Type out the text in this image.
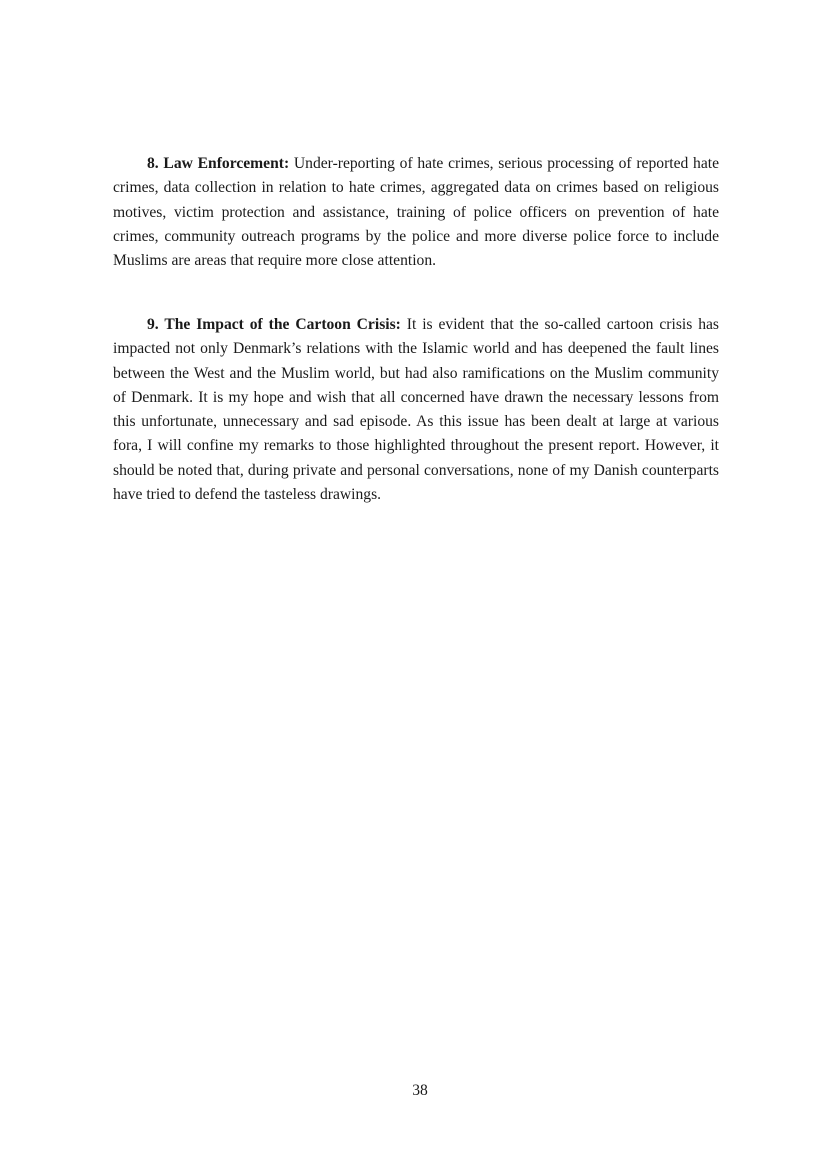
8. Law Enforcement: Under-reporting of hate crimes, serious processing of reported hate crimes, data collection in relation to hate crimes, aggregated data on crimes based on religious motives, victim protection and assistance, training of police officers on prevention of hate crimes, community outreach programs by the police and more diverse police force to include Muslims are areas that require more close attention.

9. The Impact of the Cartoon Crisis: It is evident that the so-called cartoon crisis has impacted not only Denmark’s relations with the Islamic world and has deepened the fault lines between the West and the Muslim world, but had also ramifications on the Muslim community of Denmark. It is my hope and wish that all concerned have drawn the necessary lessons from this unfortunate, unnecessary and sad episode. As this issue has been dealt at large at various fora, I will confine my remarks to those highlighted throughout the present report. However, it should be noted that, during private and personal conversations, none of my Danish counterparts have tried to defend the tasteless drawings.

38
